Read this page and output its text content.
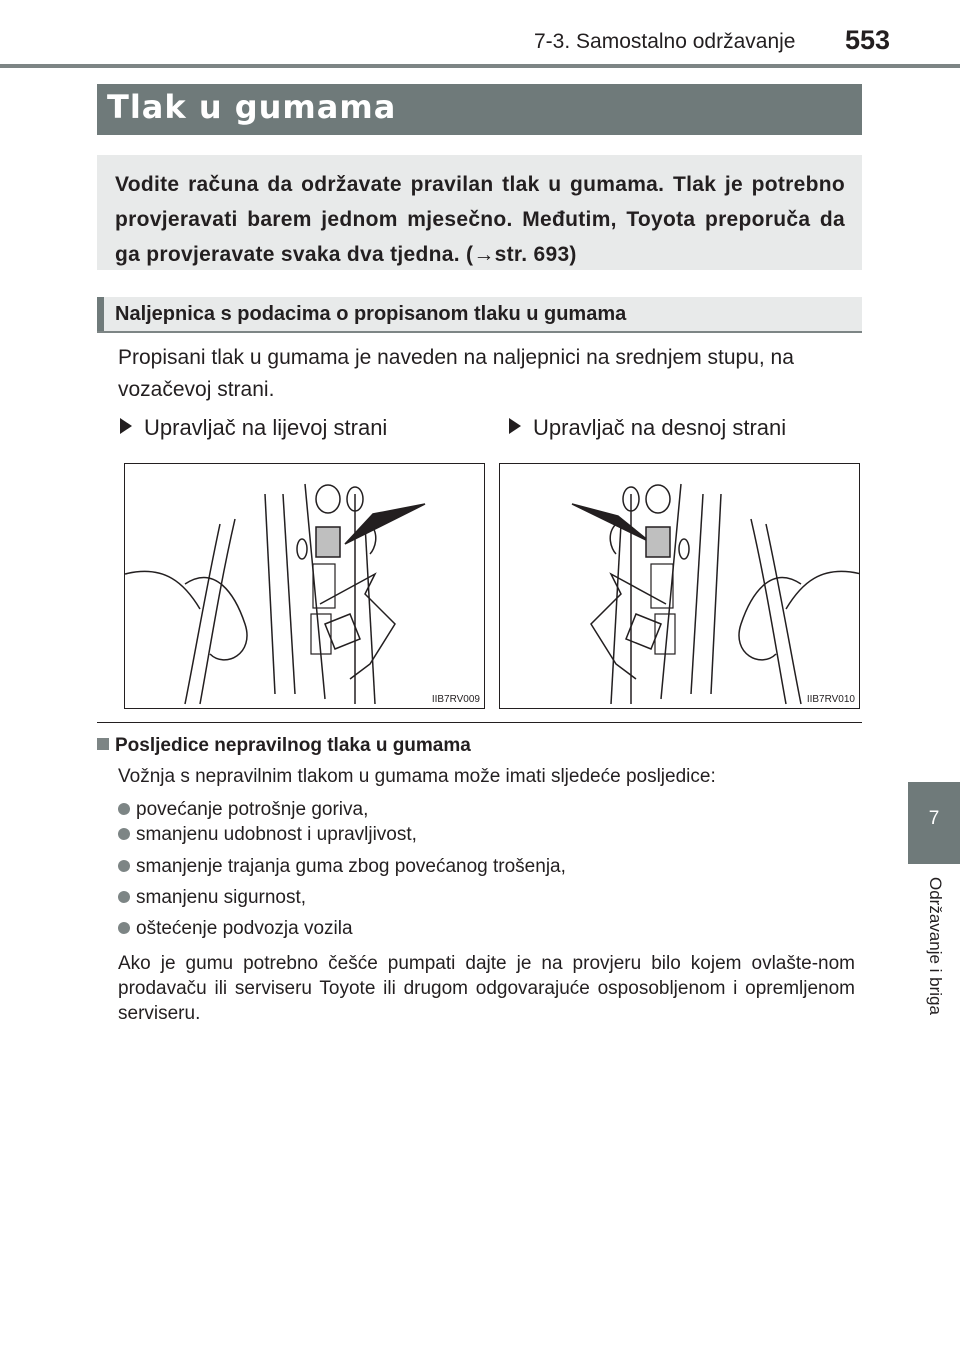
7-3. Samostalno održavanje 553
Tlak u gumama
Vodite računa da održavate pravilan tlak u gumama. Tlak je potrebno provjeravati barem jednom mjesečno. Međutim, Toyota preporuča da ga provjeravate svaka dva tjedna. (→str. 693)
Naljepnica s podacima o propisanom tlaku u gumama
Propisani tlak u gumama je naveden na naljepnici na srednjem stupu, na vozačevoj strani.
Upravljač na lijevoj strani	Upravljač na desnoj strani
IIB7RV009	IIB7RV010
Posljedice nepravilnog tlaka u gumama
Vožnja s nepravilnim tlakom u gumama može imati sljedeće posljedice:
povećanje potrošnje goriva,
smanjenu udobnost i upravljivost,
smanjenje trajanja guma zbog povećanog trošenja,
smanjenu sigurnost,
oštećenje podvozja vozila
Ako je gumu potrebno češće pumpati dajte je na provjeru bilo kojem ovlašte-nom prodavaču ili serviseru Toyote ili drugom odgovarajuće osposobljenom i opremljenom serviseru.
7
Održavanje i briga
